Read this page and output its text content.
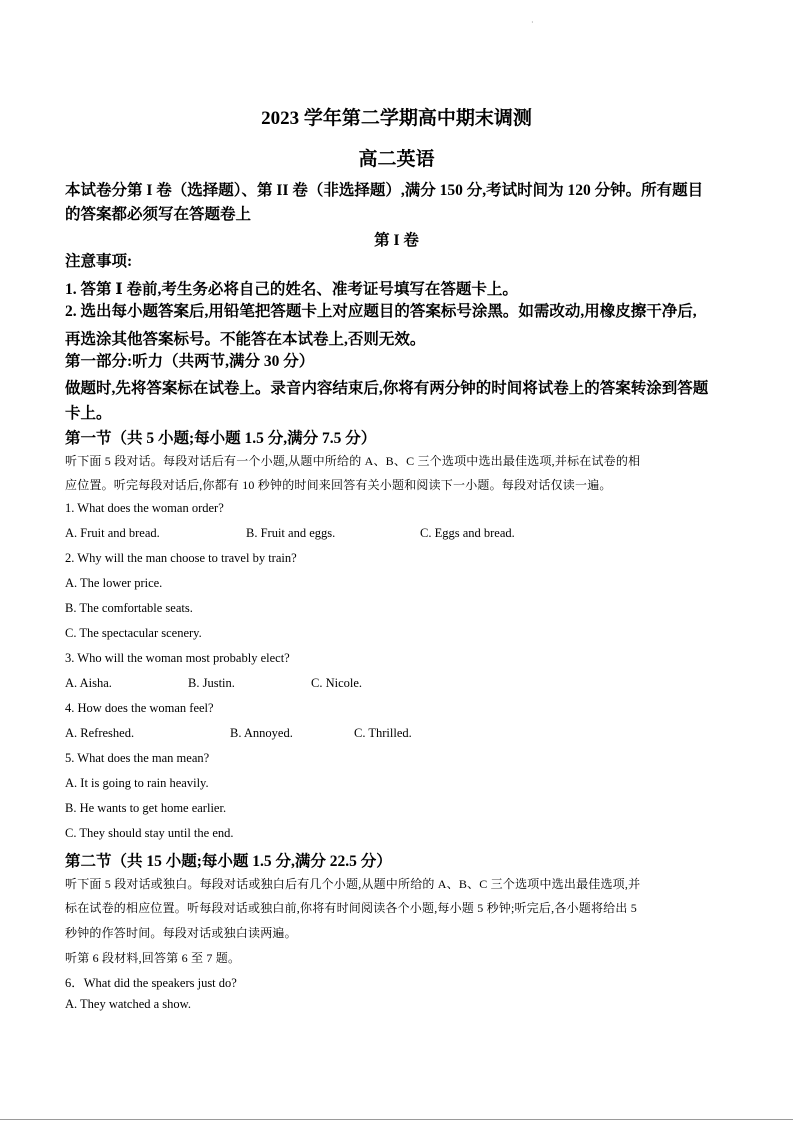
·
2023 学年第二学期高中期末调测
高二英语
本试卷分第 I 卷（选择题）、第 II 卷（非选择题）,满分 150 分,考试时间为 120 分钟。所有题目
的答案都必须写在答题卷上
第 I 卷
注意事项:
1. 答第 Ⅰ 卷前,考生务必将自己的姓名、准考证号填写在答题卡上。
2. 选出每小题答案后,用铅笔把答题卡上对应题目的答案标号涂黑。如需改动,用橡皮擦干净后,
再选涂其他答案标号。不能答在本试卷上,否则无效。
第一部分:听力（共两节,满分 30 分）
做题时,先将答案标在试卷上。录音内容结束后,你将有两分钟的时间将试卷上的答案转涂到答题
卡上。
第一节（共 5 小题;每小题 1.5 分,满分 7.5 分）
听下面 5 段对话。每段对话后有一个小题,从题中所给的 A、B、C 三个选项中选出最佳选项,并标在试卷的相
应位置。听完每段对话后,你都有 10 秒钟的时间来回答有关小题和阅读下一小题。每段对话仅读一遍。
1. What does the woman order?
A. Fruit and bread.	B. Fruit and eggs.	C. Eggs and bread.
2. Why will the man choose to travel by train?
A. The lower price.
B. The comfortable seats.
C. The spectacular scenery.
3. Who will the woman most probably elect?
A. Aisha.	B. Justin.	C. Nicole.
4. How does the woman feel?
A. Refreshed.	B. Annoyed.	C. Thrilled.
5. What does the man mean?
A. It is going to rain heavily.
B. He wants to get home earlier.
C. They should stay until the end.
第二节（共 15 小题;每小题 1.5 分,满分 22.5 分）
听下面 5 段对话或独白。每段对话或独白后有几个小题,从题中所给的 A、B、C 三个选项中选出最佳选项,并
标在试卷的相应位置。听每段对话或独白前,你将有时间阅读各个小题,每小题 5 秒钟;听完后,各小题将给出 5
秒钟的作答时间。每段对话或独白读两遍。
听第 6 段材料,回答第 6 至 7 题。
6．What did the speakers just do?
A. They watched a show.
